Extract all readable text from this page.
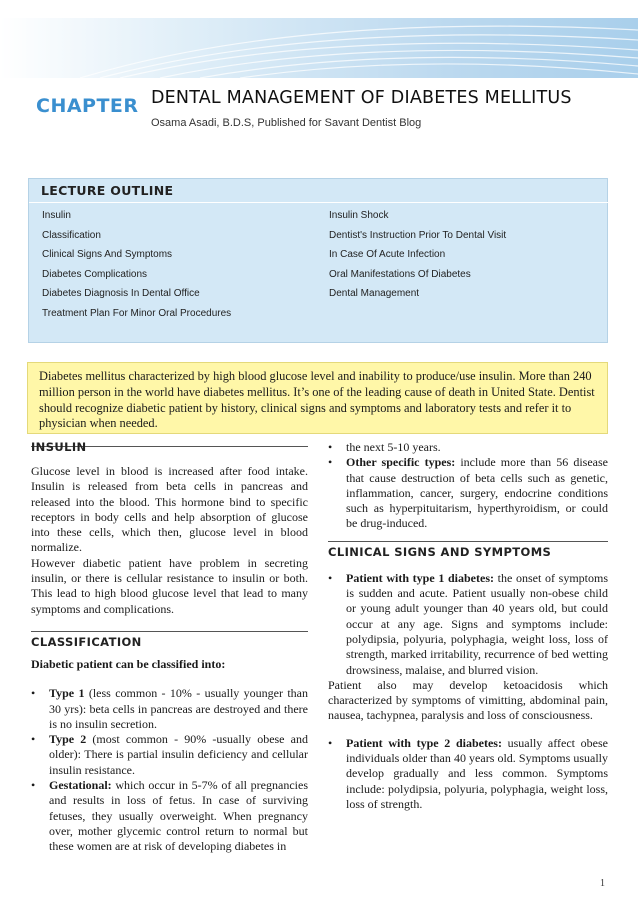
CHAPTER DENTAL MANAGEMENT OF DIABETES MELLITUS
Osama Asadi, B.D.S, Published for Savant Dentist Blog
LECTURE OUTLINE
Insulin
Classification
Clinical Signs And Symptoms
Diabetes Complications
Diabetes Diagnosis In Dental Office
Treatment Plan For Minor Oral Procedures
Insulin Shock
Dentist's Instruction Prior To Dental Visit
In Case Of Acute Infection
Oral Manifestations Of Diabetes
Dental Management
Diabetes mellitus characterized by high blood glucose level and inability to produce/use insulin. More than 240 million person in the world have diabetes mellitus. It’s one of the leading cause of death in United State. Dentist should recognize diabetic patient by history, clinical signs and symptoms and laboratory tests and refer it to physician when needed.
INSULIN

Glucose level in blood is increased after food intake. Insulin is released from beta cells in pancreas and released into the blood. This hormone bind to specific receptors in body cells and help absorption of glucose into these cells, which then, glucose level in blood normalize.

However diabetic patient have problem in secreting insulin, or there is cellular resistance to insulin or both. This lead to high blood glucose level that lead to many symptoms and complications.

CLASSIFICATION

Diabetic patient can be classified into:

• Type 1 (less common - 10% - usually younger than 30 yrs): beta cells in pancreas are destroyed and there is no insulin secretion.
• Type 2 (most common - 90% -usually obese and older): There is partial insulin deficiency and cellular insulin resistance.
• Gestational: which occur in 5-7% of all pregnancies and results in loss of fetus. In case of surviving fetuses, they usually overweight. When pregnancy over, mother glycemic control return to normal but these women are at risk of developing diabetes in
• the next 5-10 years.
• Other specific types: include more than 56 disease that cause destruction of beta cells such as genetic, inflammation, cancer, surgery, endocrine conditions such as hyperpituitarism, hyperthyroidism, or could be drug-induced.
CLINICAL SIGNS AND SYMPTOMS
• Patient with type 1 diabetes: the onset of symptoms is sudden and acute. Patient usually non-obese child or young adult younger than 40 years old, but could occur at any age. Signs and symptoms include: polydipsia, polyuria, polyphagia, weight loss, loss of strength, marked irritability, recurrence of bed wetting drowsiness, malaise, and blurred vision.

Patient also may develop ketoacidosis which characterized by symptoms of vimitting, abdominal pain, nausea, tachypnea, paralysis and loss of consciousness.

• Patient with type 2 diabetes: usually affect obese individuals older than 40 years old. Symptoms usually develop gradually and less common. Symptoms include: polydipsia, polyuria, polyphagia, weight loss, loss of strength.
1
